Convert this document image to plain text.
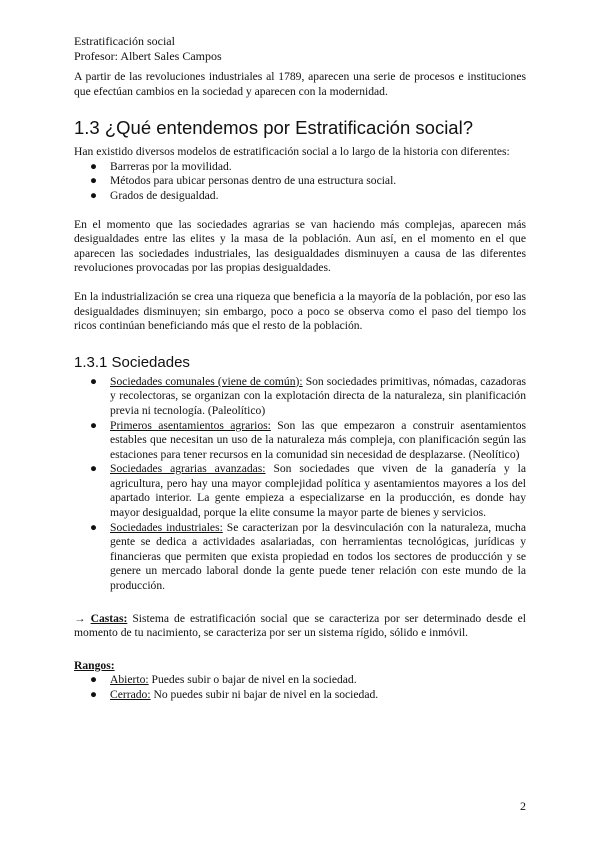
Estratificación social
Profesor: Albert Sales Campos

A partir de las revoluciones industriales al 1789, aparecen una serie de procesos e instituciones que efectúan cambios en la sociedad y aparecen con la modernidad.

1.3 ¿Qué entendemos por Estratificación social?

Han existido diversos modelos de estratificación social a lo largo de la historia con diferentes:

● Barreras por la movilidad.
● Métodos para ubicar personas dentro de una estructura social.
● Grados de desigualdad.

En el momento que las sociedades agrarias se van haciendo más complejas, aparecen más desigualdades entre las elites y la masa de la población. Aun así, en el momento en el que aparecen las sociedades industriales, las desigualdades disminuyen a causa de las diferentes revoluciones provocadas por las propias desigualdades.

En la industrialización se crea una riqueza que beneficia a la mayoría de la población, por eso las desigualdades disminuyen; sin embargo, poco a poco se observa como el paso del tiempo los ricos continúan beneficiando más que el resto de la población.

1.3.1 Sociedades
● Sociedades comunales (viene de común): Son sociedades primitivas, nómadas, cazadoras y recolectoras, se organizan con la explotación directa de la naturaleza, sin planificación previa ni tecnología. (Paleolítico)
● Primeros asentamientos agrarios: Son las que empezaron a construir asentamientos estables que necesitan un uso de la naturaleza más compleja, con planificación según las estaciones para tener recursos en la comunidad sin necesidad de desplazarse. (Neolítico)
● Sociedades agrarias avanzadas: Son sociedades que viven de la ganadería y la agricultura, pero hay una mayor complejidad política y asentamientos mayores a los del apartado interior. La gente empieza a especializarse en la producción, es donde hay mayor desigualdad, porque la elite consume la mayor parte de bienes y servicios.
● Sociedades industriales: Se caracterizan por la desvinculación con la naturaleza, mucha gente se dedica a actividades asalariadas, con herramientas tecnológicas, jurídicas y financieras que permiten que exista propiedad en todos los sectores de producción y se genere un mercado laboral donde la gente puede tener relación con este mundo de la producción.

→ Castas: Sistema de estratificación social que se caracteriza por ser determinado desde el momento de tu nacimiento, se caracteriza por ser un sistema rígido, sólido e inmóvil.

Rangos:

● Abierto: Puedes subir o bajar de nivel en la sociedad.
● Cerrado: No puedes subir ni bajar de nivel en la sociedad.
2
